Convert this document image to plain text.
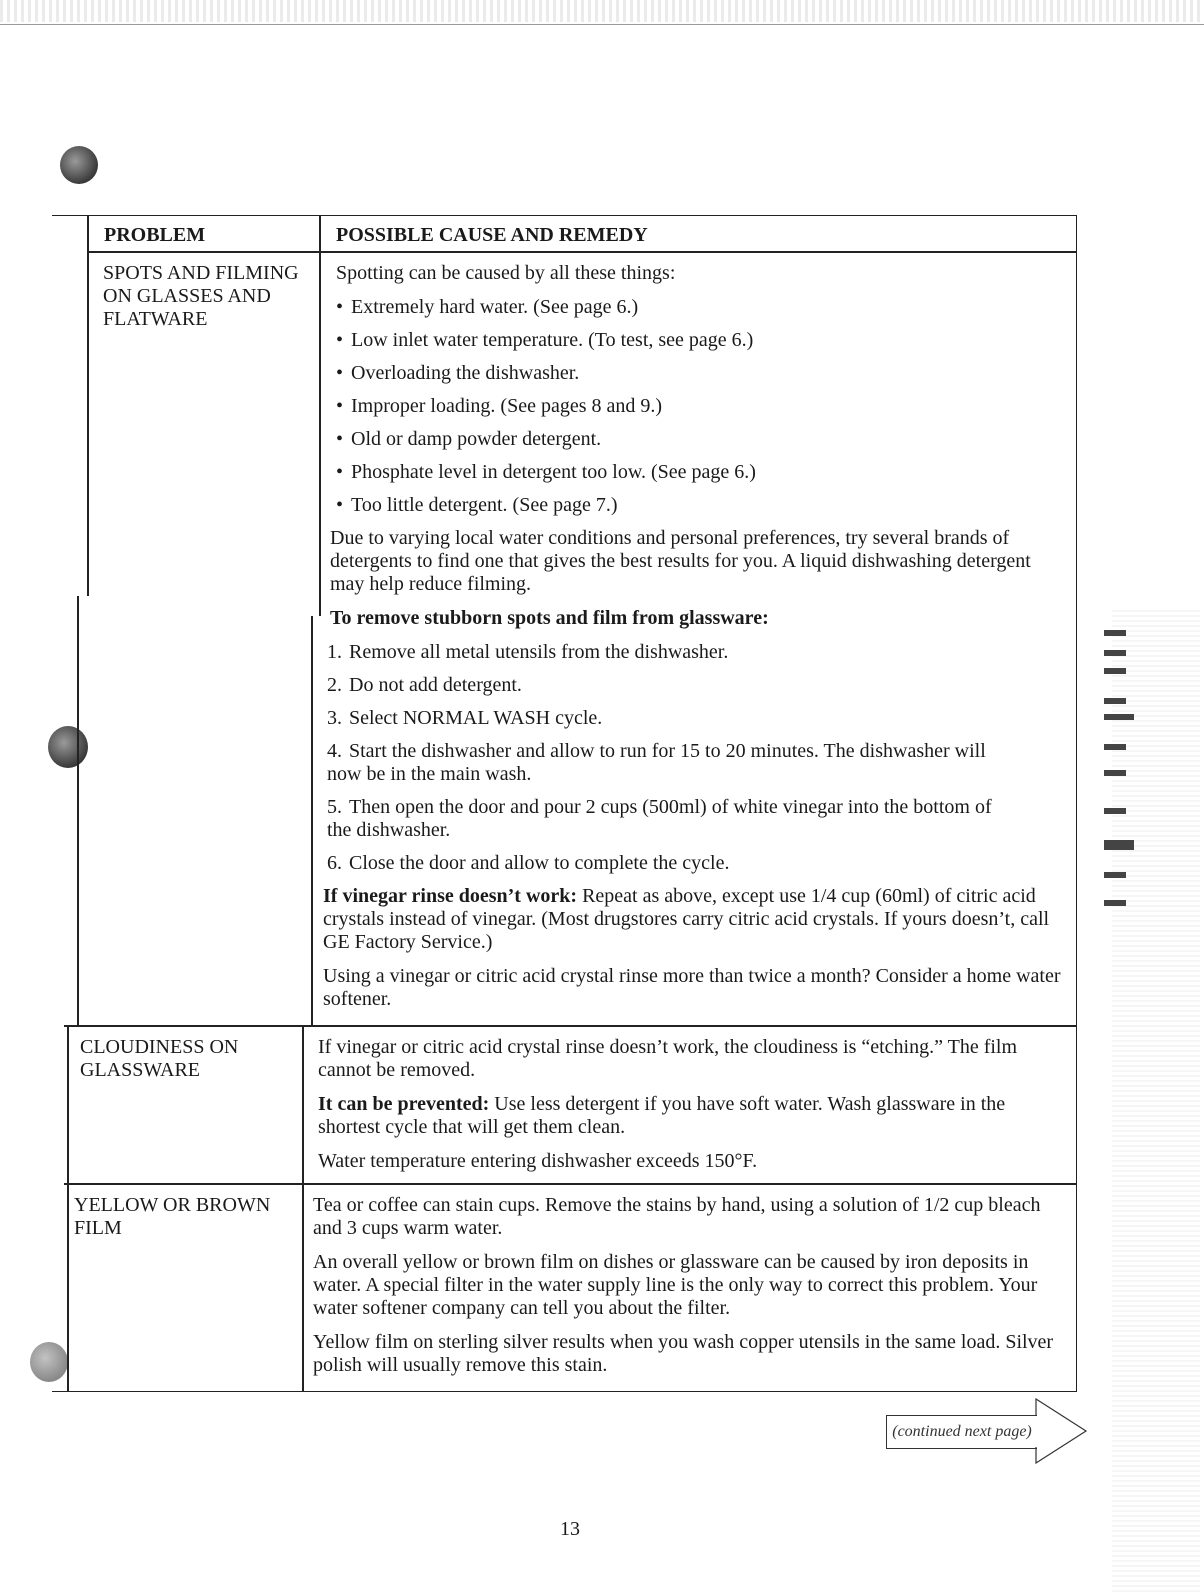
PROBLEM	POSSIBLE CAUSE AND REMEDY
SPOTS AND FILMING
ON GLASSES AND
FLATWARE
Spotting can be caused by all these things:
• Extremely hard water. (See page 6.)
• Low inlet water temperature. (To test, see page 6.)
• Overloading the dishwasher.
• Improper loading. (See pages 8 and 9.)
• Old or damp powder detergent.
• Phosphate level in detergent too low. (See page 6.)
• Too little detergent. (See page 7.)
Due to varying local water conditions and personal preferences, try several brands of detergents to find one that gives the best results for you. A liquid dishwashing detergent may help reduce filming.
To remove stubborn spots and film from glassware:
1. Remove all metal utensils from the dishwasher.
2. Do not add detergent.
3. Select NORMAL WASH cycle.
4. Start the dishwasher and allow to run for 15 to 20 minutes. The dishwasher will now be in the main wash.
5. Then open the door and pour 2 cups (500ml) of white vinegar into the bottom of the dishwasher.
6. Close the door and allow to complete the cycle.
If vinegar rinse doesn’t work: Repeat as above, except use 1/4 cup (60ml) of citric acid crystals instead of vinegar. (Most drugstores carry citric acid crystals. If yours doesn’t, call GE Factory Service.)
Using a vinegar or citric acid crystal rinse more than twice a month? Consider a home water softener.
CLOUDINESS ON
GLASSWARE
If vinegar or citric acid crystal rinse doesn’t work, the cloudiness is “etching.” The film cannot be removed.
It can be prevented: Use less detergent if you have soft water. Wash glassware in the shortest cycle that will get them clean.
Water temperature entering dishwasher exceeds 150°F.
YELLOW OR BROWN
FILM
Tea or coffee can stain cups. Remove the stains by hand, using a solution of 1/2 cup bleach and 3 cups warm water.
An overall yellow or brown film on dishes or glassware can be caused by iron deposits in water. A special filter in the water supply line is the only way to correct this problem. Your water softener company can tell you about the filter.
Yellow film on sterling silver results when you wash copper utensils in the same load. Silver polish will usually remove this stain.
(continued next page)
13
